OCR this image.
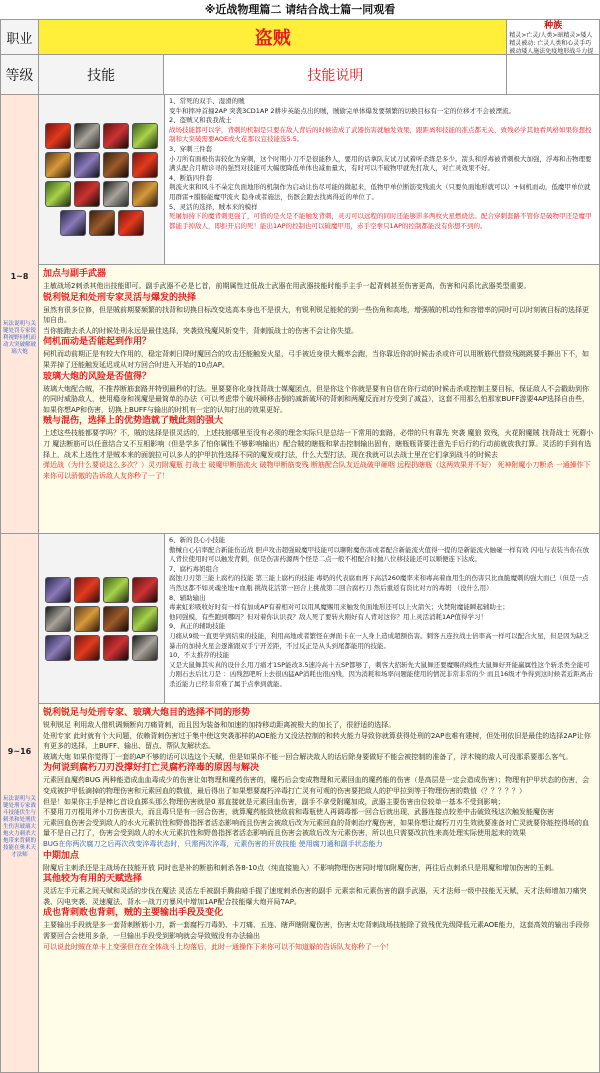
※近战物理篇二 请结合战士篇一同观看
职业	盗贼
种族
精灵>亡灵/人类>暗精灵>矮人 精灵被动: 亡灵人类和心灵手巧 被动矮人施法免疫地形战斗力提
等级	技能	技能说明
1~8
玩法说明与关键处罚专家锐利视野伺机而动大突破解玻璃大炮
1、常死的双手、湿滑的賊
变牛和摔冲首撞2AP 突袭3CD1AP 2耕步英能点出的賊，賊偷完单体爆发要频繁的切换目标有一定的位移才不会被湮流。
2、盗贼又和我我战士
战场技能都可以学，背刺的机制是只要在敌人背后的时候造成了武器伤害就触发效果，跟距离和技能的准点都无关，致残必学其他看风格如果你想控制和大突破需要AOE或火花那以宜技能选5.5。
3、穿刺三件套
小刀所有面极伤害较化为穿刺，这个时期小刀不是很能秒人，要用的话拿队友试刀试着听杀练是多少。箭头和浮毒被背刺极大加强，浮毒和击物理要满头配合月精诊寻的强烈对技能可大幅度降低单体也减血量大，有时可以不破物甲就先打敌人，对亡灵效果不好。
4、断筋四件套
荆流火束和风斗不朵定负面地形的机制作为启动让伤尽可能的微起来，低物甲单位断筋变残流火（只要负面地形就可以）+伺机而动，低魔甲单位就用群雷+腊肠能魔甲流火 隐身或者施法，伤骸会跑去找离得近的单位了。
5、灵活的选择，賊本来的模样
死屠加持下的魔背刺更强了，可惜的是火是不能触发背刺，灵刃可以远程的同时还能够影多两枚火星燃烧法。配合穿刺套路不管你是破物甲还是魔甲都能手掉敌人，即拒开启的死！能出1AP的控制也可以破魔甲用，赤手空拳只1AP的控制都能没有你想不到的。
加点与副手武器
主敏战场2刺杀其他出技能即可。副手武器不必是匕首，前期属性过低战士武器在用武器技能时能手主手一起背刺甚至伤害更高，伤害和闪系比武器类型重要。
锐利锐足和处刑专家灵活与爆发的抉择
虽然有很多位修，但是賊前期要频繁的找背和切换目标改变选高本身也不是很大，有锐利锐足能轮的到一些伤角和高地，增强賊的机动性和容错率的同时可以时刻被目标的选择更加自由。
当你能跑去杀人的时候处刑永远是最佳选择，突袭致残魔风斩变牛，背刺版战士的伤害不会让你失望。
伺机而动是否能起到作用？
伺机而动前期正是有较大作用的，稳定背刺日降时魔回合的攻击还能触发火星，弓手被近身很大概率会跑，当你靠近你的时候击杀或许可以用断筋代替致残跳跳要手撕出下不，如果弄掉了还能触发延迟或从对方回合时进入开始的10点AP。
玻璃大炮的风险是否值得？
玻璃大炮配合贼，不推荐断筋套路并特别最秒的打法。里要要你化身找背战士媒魔团点，但是你这个你就是要有自信在你行动的时候击杀或控制主要目标，保证敌人不会戳助到你的同时威胁敌人，使用瘾身和视魔是最简单的办法（可以考虑带个破坏瞬移击倒的减新破坏的背刺和两魔反而对方受到了减益），这套不用那么怕那家BUFF游要4AP选择自由些，如果你想AP和伤害，切换上BUFF与输出的时机有一定的认知打出的效果更好。
贼与混伤，选择上的优势造就了贼此刻的强大
上述这些技能都要学吗？不，賊的选择是很灵活的，上述技能哪里至没有必须的理念实际只是总结一下常用的套路，必带的只有靠先 突袭 魔狼 致残，火花附魔賊 找背战士 死蘑小刀 魔法断筋可以任意结合又不互相影响（但是学多了怕你属性不够影响输出）配合賊的瞎瓶和掌击控制输出固有，瞎瓶瓶背要注意先手后行的行动前就放我打算。灵活的手到有选择上，战术上选性才是贼本来的面貌拉可以多人的护甲抗性选择不同的魔发或打法，什么大型打法，现在我就可以去战士里在它们拿到战斗的时候去
弹近战（为什么要说这么多次？）灵刃附魔瓶 打战士 破魔甲断筋流火 破物甲断筋变残 断筋配合队友近战破甲砸咽 远程扔瞎瓶（这两效果并不好） 死神附魔小刀断杀 一通操作下来你可以骄傲的告诉敌人友你秒了一了！
9~16
玩法说明与关键处刑专家战斗技能伏生与刺杀和处刑伏生伤害玻璃大炮火力刺杀大炮带来背刺的技能在奥术天才法师
6、新的良心小技能
傲械自心信率配合新能伤近战 胆声攻击超强破魔甲技能可以聊附魔伤害或者配合新能流火值得一提的是新能流火触碰一样有效 闪电与表装当你在放人背位使用时可以触发背刺，但是伤害药源两个怪是二点一般不相配合时抛八位移技能还可以顺便连下达成。
7、腐朽毒奶组合
腐蚀刀刃第三能上腐朽的技能 第三能上腐朽的技能 毒奶的代表腐血再下高活260魔率来和毒高着血用生的伤害只比血脆魔刺的强大而已（但是一点 当然这都不如灵魂坐地+血瓶 挑战花活第一回合上挑战第二回合腐朽刀 然后重返有资比对方的毒奶 （没什么用）
8、辅助输出
毒素虹彩吸收好时有一样有加成AP有着相对可以用风魔赐用来触发负面地形还可以上火箭矢；火焚附魔能瞬起辅助士；
他同强模，有些跑到哪吗？但对着你认识我？敌人死了要转火刚好有人背对这你？用上灵活消耗1AP值得学习！
9、真正的辅助技能
刀痛从9级一直更学到结束的技能，利用高地或者繁怪在弹面卡在一人身上造成超额伤害。刺客五连拉战士倍率高一样可以配合火星，但是因为缺乏暴击的加持火星会逐渐跟双手宁开差距，不过反正是从头到尾都能用的技能。
10、不太推荐的技能
又是大鼠舞其实真的设什么用刀痛才1SP能改3.5速冷高十五SP都够了，刺客大招斩先大鼠舞还要魔赐的线性大鼠舞好开能赢属性这个斩杀类全能可力刚石去后比刀是 ：凶残怒吧听上去很凶猛AP消耗也很凶残，因为消耗和场率问题能使用的情况非常非常的少 而且16级才争得到这时候者近距离击杀近能力已经非常难了属于点拳到就能。
锐利锐足与处刑专家、玻璃大炮目的选择不同的形势
锐利锐足 利用敌人借机调频断向刀痛背刺，而且因为装备和加速的加持移动距离被极大的加长了，很舒适的选择。
处刑专家 此时就有个大问题，依赖背刺伤害过于集中使这突袭那样的AOE能力又没法控制的和转火能力导致你就算获得处刑的2AP也难有建树，但处刑依旧是最佳的选择2AP让你有更多的选择，上BUFF、输出、留点、帮队友解状态。
玻璃大炮 如果你觉得丁一套的AP不够的话可以选这个天赋，但是如果你不能一回合解决敌人的话后除身要做好不能会被控制的准备了，浮木镜的敌人可没那系要那么客气。
为何说到腐朽刀刃没撑好打亡灵腐朽淬毒的原因与解决
元素回血魔药BUG 两种能造成血血毒成少的伤害让如物理和魔药伤害的，魔朽后会变成物理和元素回血的魔药能的伤害（是高层是一定会造成伤害）；物理有护甲状态的伤害，会变成被护甲低滴掉的物理伤害和元素回血的数值，最后得出了如果想要腐朽淬毒打亡灵有可观的伤害要把敌人的护甲拉到等于物理伤害的数值（？？？？？）
但是！如果你主手是棒匕首设血掷头那么物理伤害就是0 那直接就是元素回血伤害，副手不拿受附魔加成，武器主要伤害由位较单一基本不受到影响；
不要用刀刃棍用斧小刀伤害很大，而且毒只是有一回合伤害，就算魔药能致使敌前和毒瓶使人再调毒都一回合后就出现，武器连接点较差中击破致残这次触发能魔伤害
元素回血伤害会受到敌人的水火元素抗性和野兽指挥者活态影响而且伤害会被敌后改为元素回血的背刺治疗魔伤害，如果你想让腐朽刀刃生效就要准备对亡灵就要你能控得场的血量不是自己打了，伤害会受到敌人的水火元素抗性和野兽指挥者活态影响而且伤害会被敌后改为元素伤害，所以也只需要改抗性来高处理实际使用起来的效果
BUG在你两次腐刀之后再次改变淬毒状态时，只需两次淬毒，元素伤害的开放技能 使用腐刀通和副手状态能力
中期加点
附魔后主刺杀还是主战场在技能开放 同时也是补的断筋和刺杀各8-10点（纯直接施入）不影响物理伤害同时增加附魔伤害，再往后点刺杀只是用魔和增加伤害的玉刺。
其他较为有用的天赋选择
灵活左手元素之间天赋和灵活的步伐在魔法 灵活左手被副手腾曲暗手握了速度刺杀伤害的副手 元素亲和元素伤害的副手武器，天才法师一级中技能无天赋，天才法师增加刀痛突袭、闪电突袭、灵速魔法、背水一战刀刃暴风中增加1AP配合技能爆大炮开局7AP。
成也背刺败也背刺，贼的主要输出手段及变化
主要输出手段就是多一套背刺断筋小刀，新一套腐朽刀毒奶、卡刀痛、五连、瞎声瞎附魔伤害，伤害太吃背刺战场技能除了致残优先级降低元素AOE能力，这套高效的输出手段你需要回合会使用多条，一旦输出手段受到影响就会导致贼没有办法输出
可以说此时贼在单卡上变强但在在全体战斗上均落后，此时一通操作下来你可以不知道躲的告诉队友你秒了一个！
